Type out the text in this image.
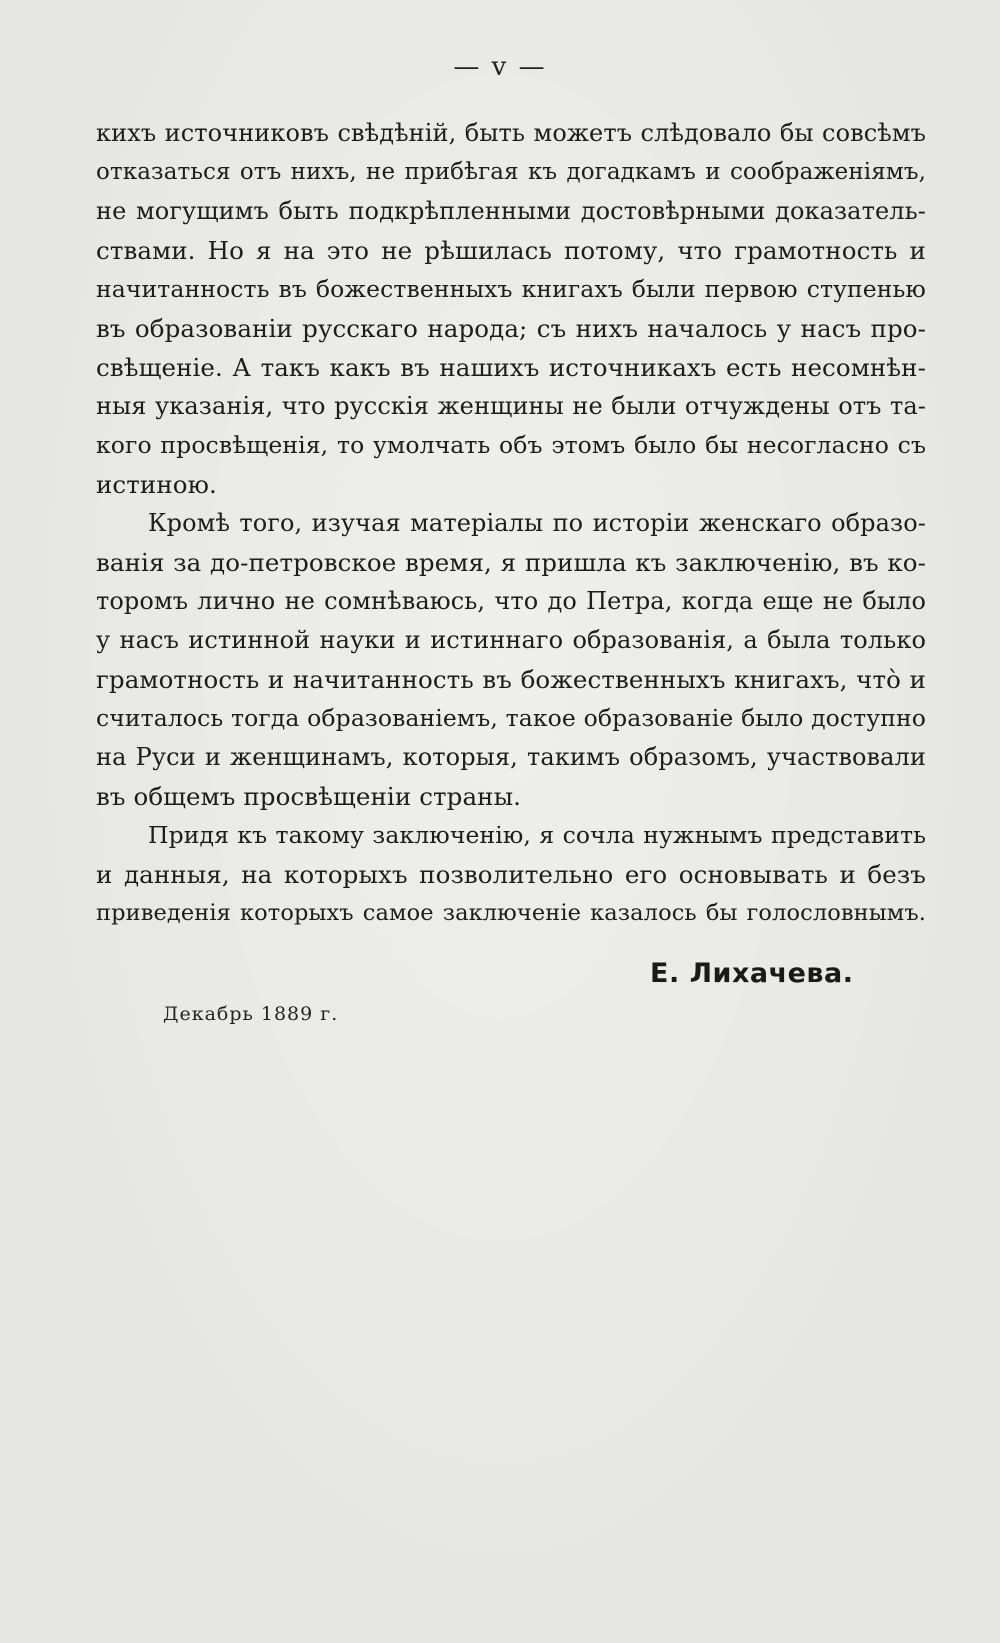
— v —
кихъ источниковъ свѣдѣній, быть можетъ слѣдовало бы совсѣмъ
отказаться отъ нихъ, не прибѣгая къ догадкамъ и соображеніямъ,
не могущимъ быть подкрѣпленными достовѣрными доказатель-
ствами. Но я на это не рѣшилась потому, что грамотность и
начитанность въ божественныхъ книгахъ были первою ступенью
въ образованіи русскаго народа; съ нихъ началось у насъ про-
свѣщеніе. А такъ какъ въ нашихъ источникахъ есть несомнѣн-
ныя указанія, что русскія женщины не были отчуждены отъ та-
кого просвѣщенія, то умолчать объ этомъ было бы несогласно съ
истиною.
Кромѣ того, изучая матеріалы по исторіи женскаго образо-
ванія за до-петровское время, я пришла къ заключенію, въ ко-
торомъ лично не сомнѣваюсь, что до Петра, когда еще не было
у насъ истинной науки и истиннаго образованія, а была только
грамотность и начитанность въ божественныхъ книгахъ, что̀ и
считалось тогда образованіемъ, такое образованіе было доступно
на Руси и женщинамъ, которыя, такимъ образомъ, участвовали
въ общемъ просвѣщеніи страны.
Придя къ такому заключенію, я сочла нужнымъ представить
и данныя, на которыхъ позволительно его основывать и безъ
приведенія которыхъ самое заключеніе казалось бы голословнымъ.
Е. Лихачева.
Декабрь 1889 г.
